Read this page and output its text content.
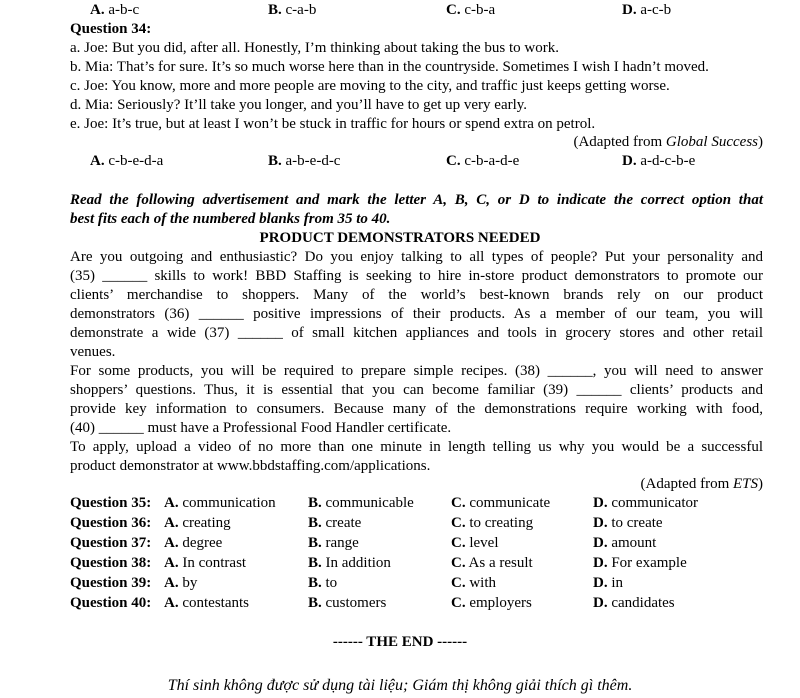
A. a-b-c	B. c-a-b	C. c-b-a	D. a-c-b
Question 34:
a. Joe: But you did, after all. Honestly, I’m thinking about taking the bus to work.
b. Mia: That’s for sure. It’s so much worse here than in the countryside. Sometimes I wish I hadn’t moved.
c. Joe: You know, more and more people are moving to the city, and traffic just keeps getting worse.
d. Mia: Seriously? It’ll take you longer, and you’ll have to get up very early.
e. Joe: It’s true, but at least I won’t be stuck in traffic for hours or spend extra on petrol.
(Adapted from Global Success)
A. c-b-e-d-a	B. a-b-e-d-c	C. c-b-a-d-e	D. a-d-c-b-e
Read the following advertisement and mark the letter A, B, C, or D to indicate the correct option that
best fits each of the numbered blanks from 35 to 40.
PRODUCT DEMONSTRATORS NEEDED
Are you outgoing and enthusiastic? Do you enjoy talking to all types of people? Put your personality and
(35) ______ skills to work! BBD Staffing is seeking to hire in-store product demonstrators to promote our
clients’ merchandise to shoppers. Many of the world’s best-known brands rely on our product
demonstrators (36) ______ positive impressions of their products. As a member of our team, you will
demonstrate a wide (37) ______ of small kitchen appliances and tools in grocery stores and other retail
venues.
For some products, you will be required to prepare simple recipes. (38) ______, you will need to answer
shoppers’ questions. Thus, it is essential that you can become familiar (39) ______ clients’ products and
provide key information to consumers. Because many of the demonstrations require working with food,
(40) ______ must have a Professional Food Handler certificate.
To apply, upload a video of no more than one minute in length telling us why you would be a successful
product demonstrator at www.bbdstaffing.com/applications.
(Adapted from ETS)
Question 35: A. communication B. communicable C. communicate	D. communicator
Question 36: A. creating	B. create	C. to creating	D. to create
Question 37: A. degree	B. range	C. level	D. amount
Question 38: A. In contrast	B. In addition	C. As a result	D. For example
Question 39: A. by	B. to	C. with	D. in
Question 40: A. contestants	B. customers	C. employers	D. candidates
------ THE END ------
Thí sinh không được sử dụng tài liệu; Giám thị không giải thích gì thêm.
